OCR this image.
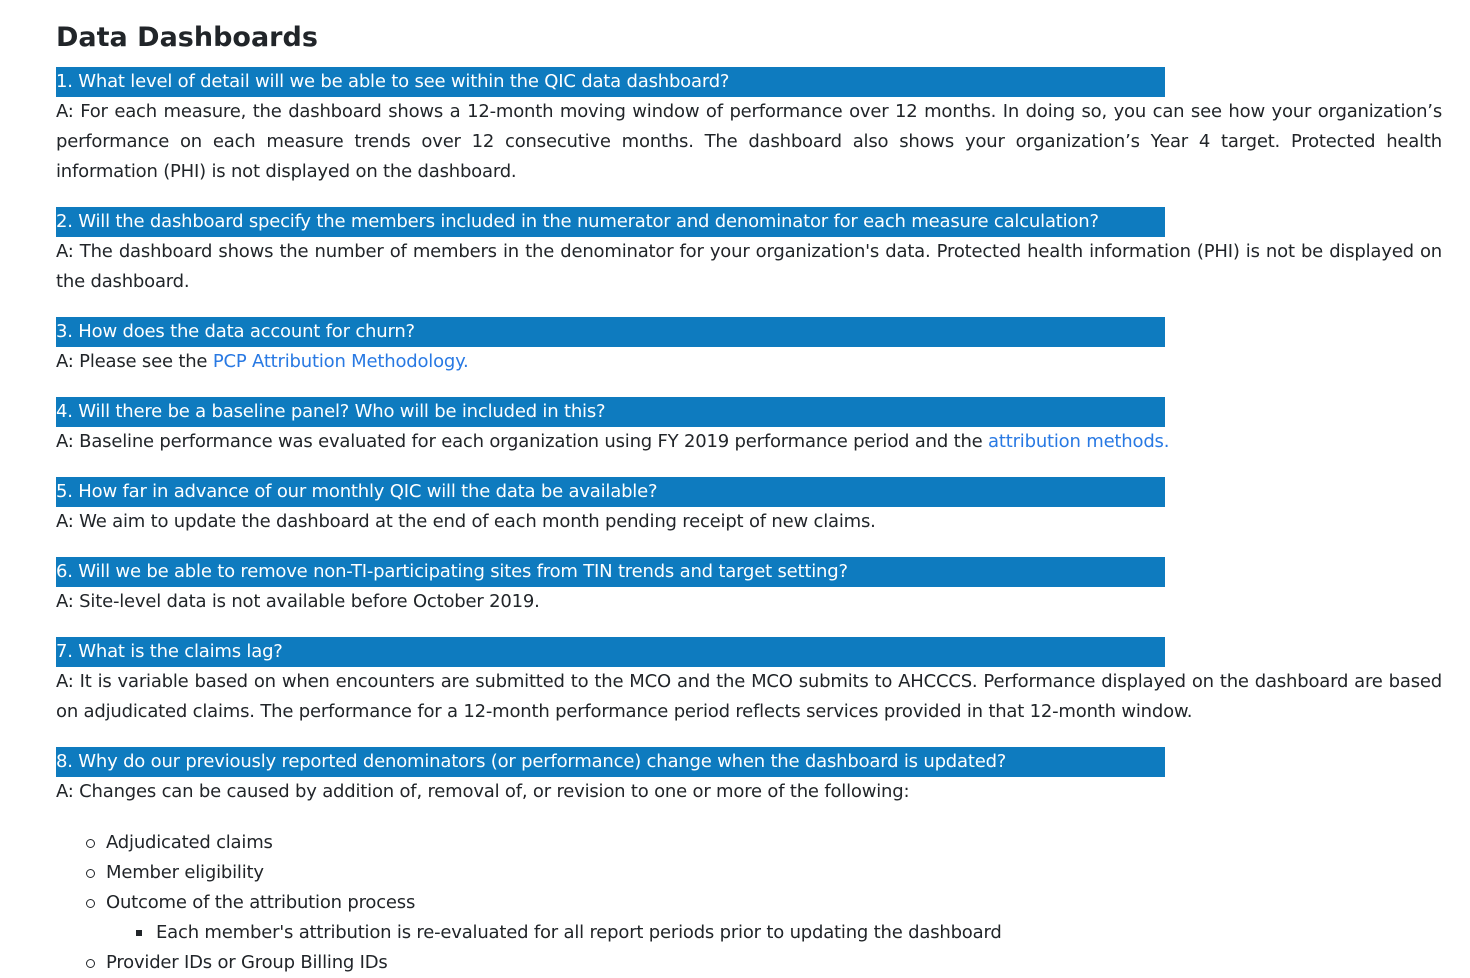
Data Dashboards
1. What level of detail will we be able to see within the QIC data dashboard?

A: For each measure, the dashboard shows a 12-month moving window of performance over 12 months. In doing so, you can see how your organization’s performance on each measure trends over 12 consecutive months. The dashboard also shows your organization’s Year 4 target. Protected health information (PHI) is not displayed on the dashboard.

2. Will the dashboard specify the members included in the numerator and denominator for each measure calculation?

A: The dashboard shows the number of members in the denominator for your organization's data. Protected health information (PHI) is not be displayed on the dashboard.

3. How does the data account for churn?

A: Please see the PCP Attribution Methodology.

4. Will there be a baseline panel? Who will be included in this?

A: Baseline performance was evaluated for each organization using FY 2019 performance period and the attribution methods.

5. How far in advance of our monthly QIC will the data be available?

A: We aim to update the dashboard at the end of each month pending receipt of new claims.

6. Will we be able to remove non-TI-participating sites from TIN trends and target setting?

A: Site-level data is not available before October 2019.

7. What is the claims lag?

A: It is variable based on when encounters are submitted to the MCO and the MCO submits to AHCCCS. Performance displayed on the dashboard are based on adjudicated claims. The performance for a 12-month performance period reflects services provided in that 12-month window.

8. Why do our previously reported denominators (or performance) change when the dashboard is updated?

A: Changes can be caused by addition of, removal of, or revision to one or more of the following:

Adjudicated claims
Member eligibility
Outcome of the attribution process
Each member's attribution is re-evaluated for all report periods prior to updating the dashboard
Provider IDs or Group Billing IDs
